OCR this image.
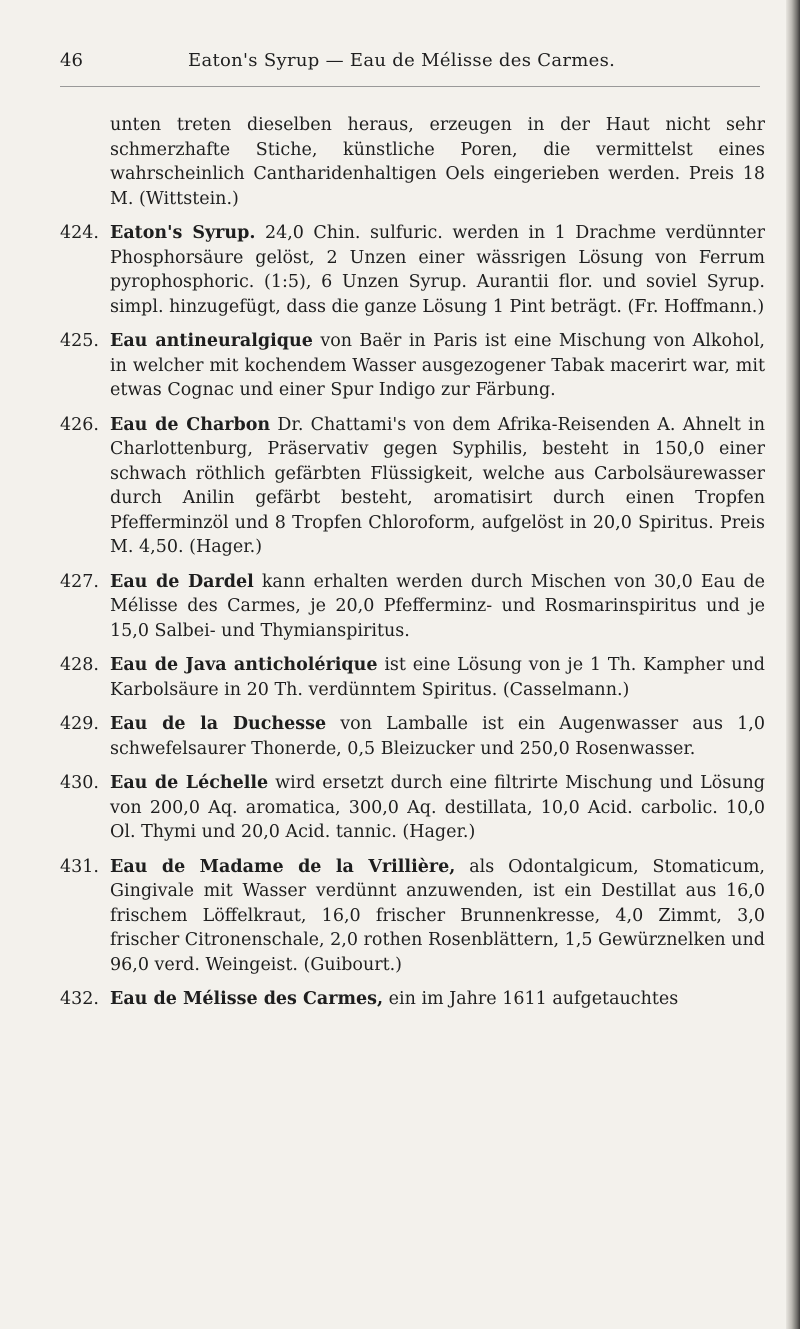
46	Eaton's Syrup — Eau de Mélisse des Carmes.

unten treten dieselben heraus, erzeugen in der Haut nicht sehr schmerzhafte Stiche, künstliche Poren, die vermittelst eines wahrscheinlich Cantharidenhaltigen Oels eingerieben werden. Preis 18 M. (Wittstein.)

424. Eaton's Syrup. 24,0 Chin. sulfuric. werden in 1 Drachme verdünnter Phosphorsäure gelöst, 2 Unzen einer wässrigen Lösung von Ferrum pyrophosphoric. (1:5), 6 Unzen Syrup. Aurantii flor. und soviel Syrup. simpl. hinzugefügt, dass die ganze Lösung 1 Pint beträgt. (Fr. Hoffmann.)
425. Eau antineuralgique von Baër in Paris ist eine Mischung von Alkohol, in welcher mit kochendem Wasser ausgezogener Tabak macerirt war, mit etwas Cognac und einer Spur Indigo zur Färbung.
426. Eau de Charbon Dr. Chattami's von dem Afrika-Reisenden A. Ahnelt in Charlottenburg, Präservativ gegen Syphilis, besteht in 150,0 einer schwach röthlich gefärbten Flüssigkeit, welche aus Carbolsäurewasser durch Anilin gefärbt besteht, aromatisirt durch einen Tropfen Pfefferminzöl und 8 Tropfen Chloroform, aufgelöst in 20,0 Spiritus. Preis M. 4,50. (Hager.)
427. Eau de Dardel kann erhalten werden durch Mischen von 30,0 Eau de Mélisse des Carmes, je 20,0 Pfefferminz- und Rosmarinspiritus und je 15,0 Salbei- und Thymianspiritus.
428. Eau de Java anticholérique ist eine Lösung von je 1 Th. Kampher und Karbolsäure in 20 Th. verdünntem Spiritus. (Casselmann.)
429. Eau de la Duchesse von Lamballe ist ein Augenwasser aus 1,0 schwefelsaurer Thonerde, 0,5 Bleizucker und 250,0 Rosenwasser.
430. Eau de Léchelle wird ersetzt durch eine filtrirte Mischung und Lösung von 200,0 Aq. aromatica, 300,0 Aq. destillata, 10,0 Acid. carbolic. 10,0 Ol. Thymi und 20,0 Acid. tannic. (Hager.)
431. Eau de Madame de la Vrillière, als Odontalgicum, Stomaticum, Gingivale mit Wasser verdünnt anzuwenden, ist ein Destillat aus 16,0 frischem Löffelkraut, 16,0 frischer Brunnenkresse, 4,0 Zimmt, 3,0 frischer Citronenschale, 2,0 rothen Rosenblättern, 1,5 Gewürznelken und 96,0 verd. Weingeist. (Guibourt.)
432. Eau de Mélisse des Carmes, ein im Jahre 1611 aufgetauchtes
